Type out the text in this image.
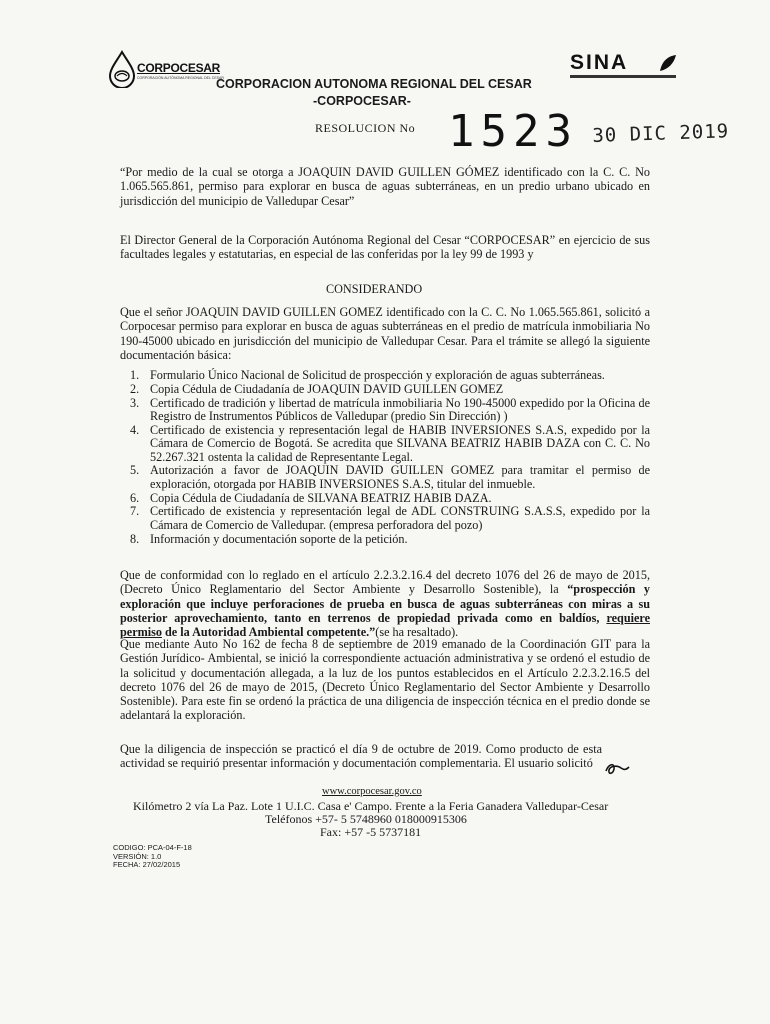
CORPOCESAR
CORPORACIÓN AUTÓNOMA REGIONAL DEL CESAR
SINA
CORPORACION AUTONOMA REGIONAL DEL CESAR
-CORPOCESAR-
RESOLUCION No 1523 30 DIC 2019

“Por medio de la cual se otorga a JOAQUIN DAVID GUILLEN GÓMEZ identificado con la C. C. No 1.065.565.861, permiso para explorar en busca de aguas subterráneas, en un predio urbano ubicado en jurisdicción del municipio de Valledupar Cesar”

El Director General de la Corporación Autónoma Regional del Cesar “CORPOCESAR” en ejercicio de sus facultades legales y estatutarias, en especial de las conferidas por la ley 99 de 1993 y

CONSIDERANDO

Que el señor JOAQUIN DAVID GUILLEN GOMEZ identificado con la C. C. No 1.065.565.861, solicitó a Corpocesar permiso para explorar en busca de aguas subterráneas en el predio de matrícula inmobiliaria No 190-45000 ubicado en jurisdicción del municipio de Valledupar Cesar. Para el trámite se allegó la siguiente documentación básica:

1. Formulario Único Nacional de Solicitud de prospección y exploración de aguas subterráneas.
2. Copia Cédula de Ciudadanía de JOAQUIN DAVID GUILLEN GOMEZ
3. Certificado de tradición y libertad de matrícula inmobiliaria No 190-45000 expedido por la Oficina de Registro de Instrumentos Públicos de Valledupar (predio Sin Dirección) )
4. Certificado de existencia y representación legal de HABIB INVERSIONES S.A.S, expedido por la Cámara de Comercio de Bogotá. Se acredita que SILVANA BEATRIZ HABIB DAZA con C. C. No 52.267.321 ostenta la calidad de Representante Legal.
5. Autorización a favor de JOAQUIN DAVID GUILLEN GOMEZ para tramitar el permiso de exploración, otorgada por HABIB INVERSIONES S.A.S, titular del inmueble.
6. Copia Cédula de Ciudadanía de SILVANA BEATRIZ HABIB DAZA.
7. Certificado de existencia y representación legal de ADL CONSTRUING S.A.S.S, expedido por la Cámara de Comercio de Valledupar. (empresa perforadora del pozo)
8. Información y documentación soporte de la petición.

Que de conformidad con lo reglado en el artículo 2.2.3.2.16.4 del decreto 1076 del 26 de mayo de 2015, (Decreto Único Reglamentario del Sector Ambiente y Desarrollo Sostenible), la “prospección y exploración que incluye perforaciones de prueba en busca de aguas subterráneas con miras a su posterior aprovechamiento, tanto en terrenos de propiedad privada como en baldíos, requiere permiso de la Autoridad Ambiental competente.”(se ha resaltado).

Que mediante Auto No 162 de fecha 8 de septiembre de 2019 emanado de la Coordinación GIT para la Gestión Jurídico- Ambiental, se inició la correspondiente actuación administrativa y se ordenó el estudio de la solicitud y documentación allegada, a la luz de los puntos establecidos en el Artículo 2.2.3.2.16.5 del decreto 1076 del 26 de mayo de 2015, (Decreto Único Reglamentario del Sector Ambiente y Desarrollo Sostenible). Para este fin se ordenó la práctica de una diligencia de inspección técnica en el predio donde se adelantará la exploración.

Que la diligencia de inspección se practicó el día 9 de octubre de 2019. Como producto de esta actividad se requirió presentar información y documentación complementaria. El usuario solicitó

www.corpocesar.gov.co
Kilómetro 2 vía La Paz. Lote 1 U.I.C. Casa e' Campo. Frente a la Feria Ganadera Valledupar-Cesar
Teléfonos +57- 5 5748960 018000915306
Fax: +57 -5 5737181
CODIGO: PCA-04-F-18
VERSIÓN: 1.0
FECHA: 27/02/2015
